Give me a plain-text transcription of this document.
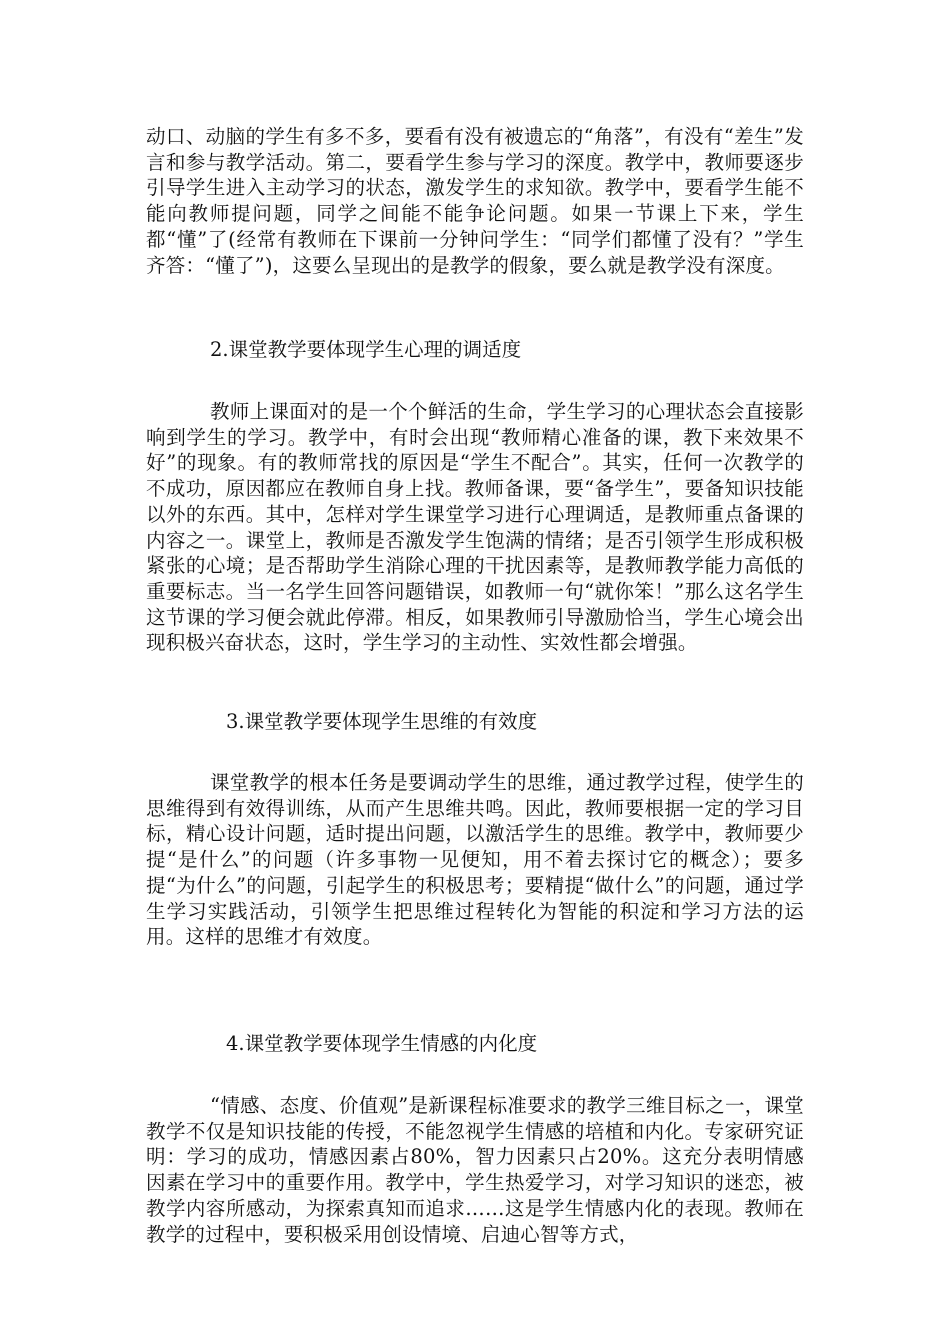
动口、动脑的学生有多不多，要看有没有被遗忘的“角落”，有没有“差生”发言和参与教学活动。第二，要看学生参与学习的深度。教学中，教师要逐步引导学生进入主动学习的状态，激发学生的求知欲。教学中，要看学生能不能向教师提问题，同学之间能不能争论问题。如果一节课上下来，学生都“懂”了(经常有教师在下课前一分钟问学生：“同学们都懂了没有？”学生齐答：“懂了”)，这要么呈现出的是教学的假象，要么就是教学没有深度。

2.课堂教学要体现学生心理的调适度

教师上课面对的是一个个鲜活的生命，学生学习的心理状态会直接影响到学生的学习。教学中，有时会出现“教师精心准备的课，教下来效果不好”的现象。有的教师常找的原因是“学生不配合”。其实，任何一次教学的不成功，原因都应在教师自身上找。教师备课，要“备学生”，要备知识技能以外的东西。其中，怎样对学生课堂学习进行心理调适，是教师重点备课的内容之一。课堂上，教师是否激发学生饱满的情绪；是否引领学生形成积极紧张的心境；是否帮助学生消除心理的干扰因素等，是教师教学能力高低的重要标志。当一名学生回答问题错误，如教师一句“就你笨！”那么这名学生这节课的学习便会就此停滞。相反，如果教师引导激励恰当，学生心境会出现积极兴奋状态，这时，学生学习的主动性、实效性都会增强。

3.课堂教学要体现学生思维的有效度

课堂教学的根本任务是要调动学生的思维，通过教学过程，使学生的思维得到有效得训练，从而产生思维共鸣。因此，教师要根据一定的学习目标，精心设计问题，适时提出问题，以激活学生的思维。教学中，教师要少提“是什么”的问题（许多事物一见便知，用不着去探讨它的概念）；要多提“为什么”的问题，引起学生的积极思考；要精提“做什么”的问题，通过学生学习实践活动，引领学生把思维过程转化为智能的积淀和学习方法的运用。这样的思维才有效度。

4.课堂教学要体现学生情感的内化度

“情感、态度、价值观”是新课程标准要求的教学三维目标之一，课堂教学不仅是知识技能的传授，不能忽视学生情感的培植和内化。专家研究证明：学习的成功，情感因素占80%，智力因素只占20%。这充分表明情感因素在学习中的重要作用。教学中，学生热爱学习，对学习知识的迷恋，被教学内容所感动，为探索真知而追求……这是学生情感内化的表现。教师在教学的过程中，要积极采用创设情境、启迪心智等方式，
